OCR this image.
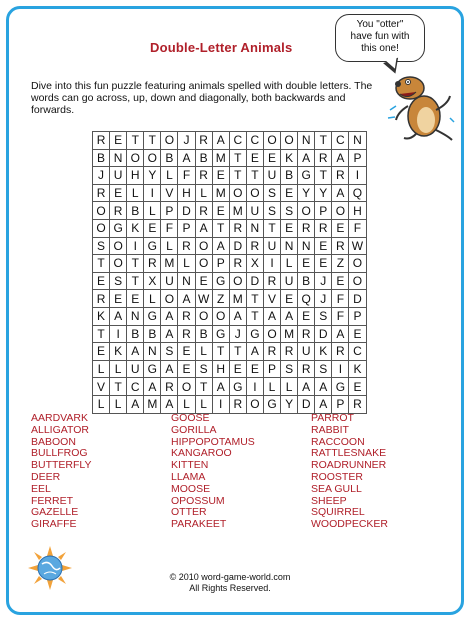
Double-Letter Animals
You "otter"
have fun with
this one!
Dive into this fun puzzle featuring animals spelled with double letters. The words can go across, up, down and diagonally, both backwards and forwards.
R	E	T	T	O	J	R	A	C	C	O	O	N	T	C	N
B	N	O	O	B	A	B	M	T	E	E	K	A	R	A	P
J	U	H	Y	L	F	R	E	T	T	U	B	G	T	R	I
R	E	L	I	V	H	L	M	O	O	S	E	Y	Y	A	Q
O	R	B	L	P	D	R	E	M	U	S	S	O	P	O	H
O	G	K	E	F	P	A	T	R	N	T	E	R	R	E	F
S	O	I	G	L	R	O	A	D	R	U	N	N	E	R	W
T	O	T	R	M	L	O	P	R	X	I	L	E	E	Z	O
E	S	T	X	U	N	E	G	O	D	R	U	B	J	E	O
R	E	E	L	O	A	W	Z	M	T	V	E	Q	J	F	D
K	A	N	G	A	R	O	O	A	T	A	A	E	S	F	P
T	I	B	B	A	R	B	G	J	G	O	M	R	D	A	E
E	K	A	N	S	E	L	T	T	A	R	R	U	K	R	C
L	L	U	G	A	E	S	H	E	E	P	S	R	S	I	K
V	T	C	A	R	O	T	A	G	I	L	L	A	A	G	E
L	L	A	M	A	L	L	I	R	O	G	Y	D	A	P	R
AARDVARK
ALLIGATOR
BABOON
BULLFROG
BUTTERFLY
DEER
EEL
FERRET
GAZELLE
GIRAFFE
GOOSE
GORILLA
HIPPOPOTAMUS
KANGAROO
KITTEN
LLAMA
MOOSE
OPOSSUM
OTTER
PARAKEET
PARROT
RABBIT
RACCOON
RATTLESNAKE
ROADRUNNER
ROOSTER
SEA GULL
SHEEP
SQUIRREL
WOODPECKER
© 2010 word-game-world.com
All Rights Reserved.
